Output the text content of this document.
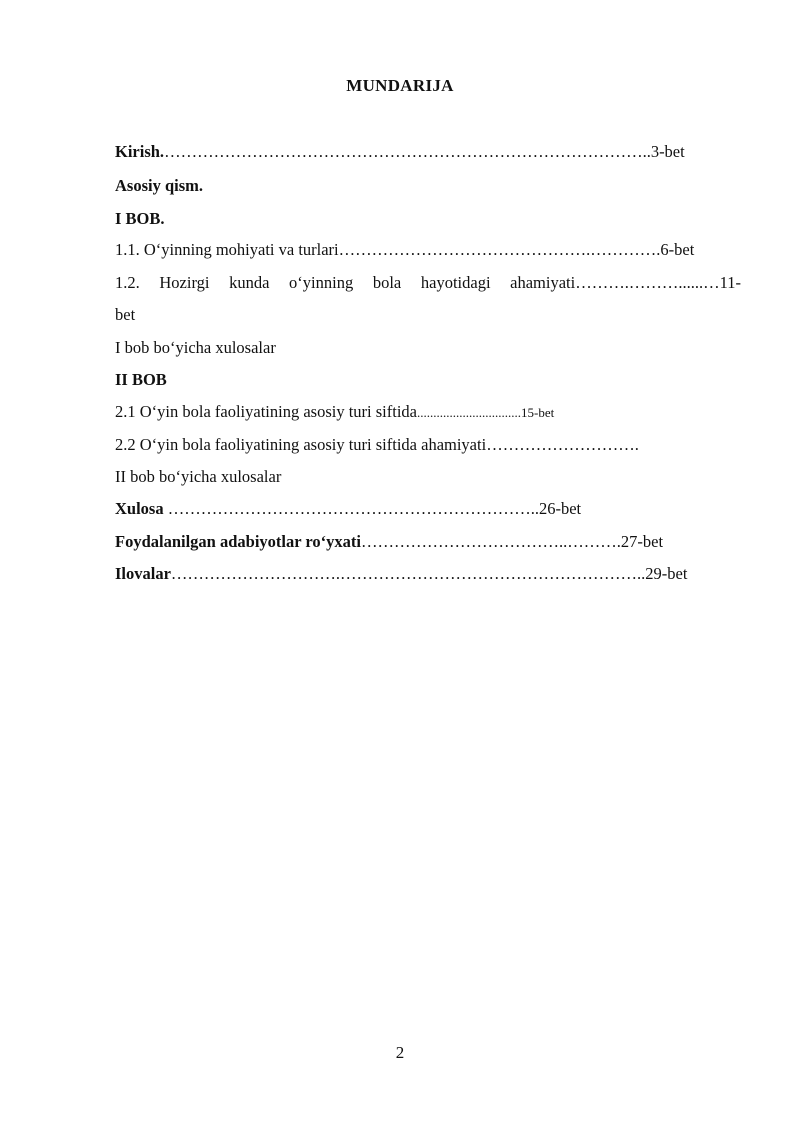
MUNDARIJA
Kirish.……………………………………………………………………………..3-bet
Asosiy qism.
I BOB.
1.1. O‘yinning mohiyati va turlari……………………………………….………….6-bet
1.2. Hozirgi kunda o‘yinning bola hayotidagi ahamiyati……….………......…11-
bet
I bob bo‘yicha xulosalar
II BOB
2.1 O‘yin bola faoliyatining asosiy turi siftida................................15-bet
2.2 O‘yin bola faoliyatining asosiy turi siftida ahamiyati……………………….
II bob bo‘yicha xulosalar
Xulosa …………………………………………………………..26-bet
Foydalanilgan adabiyotlar ro‘yxati………………………………..……….27-bet
Ilovalar………………………….………………………………………………..29-bet
2
